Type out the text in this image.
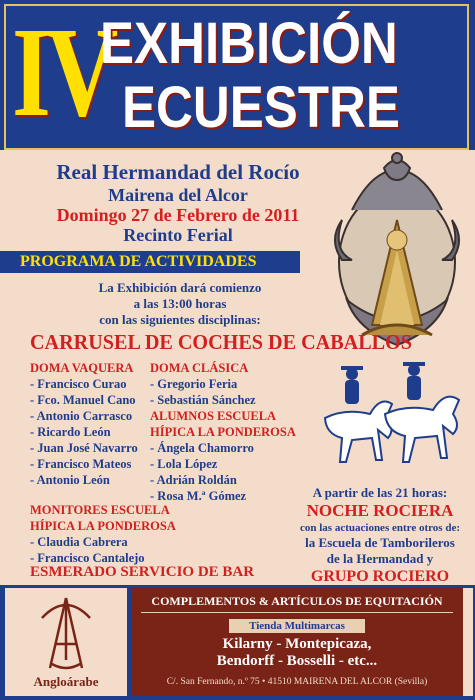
IV
EXHIBICIÓN
ECUESTRE
Real Hermandad del Rocío
Mairena del Alcor
Domingo 27 de Febrero de 2011
Recinto Ferial
PROGRAMA DE ACTIVIDADES
La Exhibición dará comienzo
a las 13:00 horas
con las siguientes disciplinas:
CARRUSEL DE COCHES DE CABALLOS
DOMA VAQUERA
- Francisco Curao
- Fco. Manuel Cano
- Antonio Carrasco
- Ricardo León
- Juan José Navarro
- Francisco Mateos
- Antonio León
DOMA CLÁSICA
- Gregorio Feria
- Sebastián Sánchez
ALUMNOS ESCUELA
HÍPICA LA PONDEROSA
- Ángela Chamorro
- Lola López
- Adrián Roldán
- Rosa M.ª Gómez
MONITORES ESCUELA
HÍPICA LA PONDEROSA
- Claudia Cabrera
- Francisco Cantalejo
ESMERADO SERVICIO DE BAR
A partir de las 21 horas:
NOCHE ROCIERA
con las actuaciones entre otros de:
la Escuela de Tamborileros
de la Hermandad y
GRUPO ROCIERO
Angloárabe
COMPLEMENTOS & ARTÍCULOS DE EQUITACIÓN
Tienda Multimarcas
Kilarny - Montepicaza,
Bendorff - Bosselli - etc...
C/. San Fernando, n.º 75 • 41510 MAIRENA DEL ALCOR (Sevilla)
